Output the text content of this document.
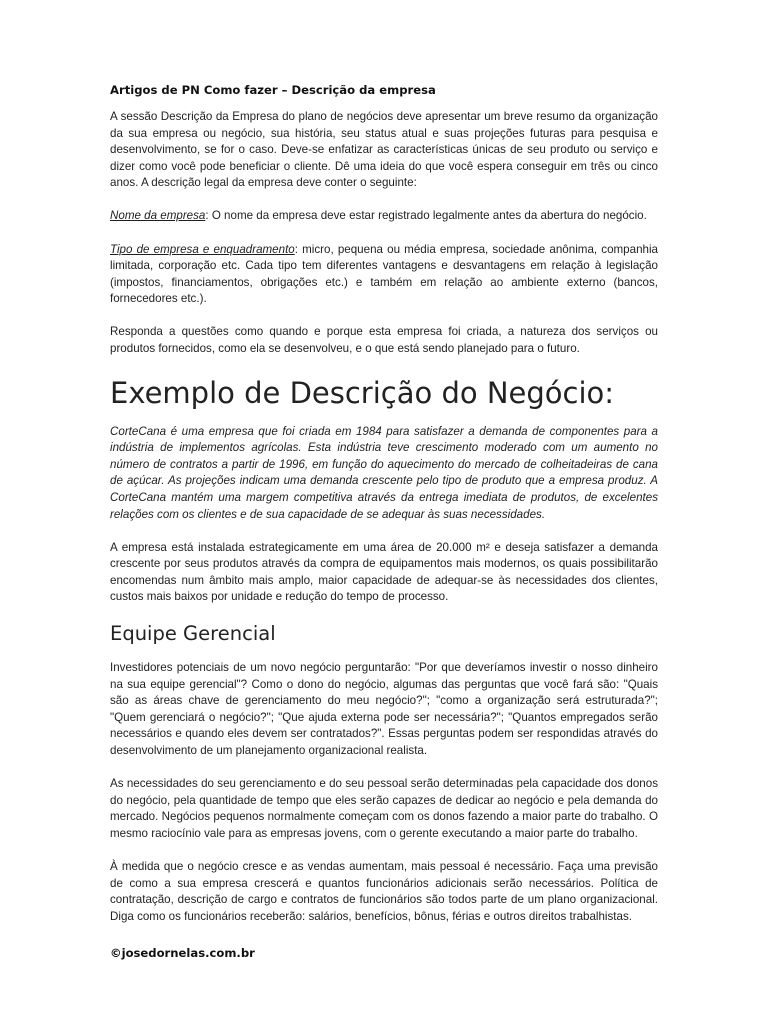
Artigos de PN Como fazer – Descrição da empresa

A sessão Descrição da Empresa do plano de negócios deve apresentar um breve resumo da organização da sua empresa ou negócio, sua história, seu status atual e suas projeções futuras para pesquisa e desenvolvimento, se for o caso. Deve-se enfatizar as características únicas de seu produto ou serviço e dizer como você pode beneficiar o cliente. Dê uma ideia do que você espera conseguir em três ou cinco anos. A descrição legal da empresa deve conter o seguinte:

Nome da empresa: O nome da empresa deve estar registrado legalmente antes da abertura do negócio.

Tipo de empresa e enquadramento: micro, pequena ou média empresa, sociedade anônima, companhia limitada, corporação etc. Cada tipo tem diferentes vantagens e desvantagens em relação à legislação (impostos, financiamentos, obrigações etc.) e também em relação ao ambiente externo (bancos, fornecedores etc.).

Responda a questões como quando e porque esta empresa foi criada, a natureza dos serviços ou produtos fornecidos, como ela se desenvolveu, e o que está sendo planejado para o futuro.

Exemplo de Descrição do Negócio:

CorteCana é uma empresa que foi criada em 1984 para satisfazer a demanda de componentes para a indústria de implementos agrícolas. Esta indústria teve crescimento moderado com um aumento no número de contratos a partir de 1996, em função do aquecimento do mercado de colheitadeiras de cana de açúcar. As projeções indicam uma demanda crescente pelo tipo de produto que a empresa produz. A CorteCana mantém uma margem competitiva através da entrega imediata de produtos, de excelentes relações com os clientes e de sua capacidade de se adequar às suas necessidades.

A empresa está instalada estrategicamente em uma área de 20.000 m² e deseja satisfazer a demanda crescente por seus produtos através da compra de equipamentos mais modernos, os quais possibilitarão encomendas num âmbito mais amplo, maior capacidade de adequar-se às necessidades dos clientes, custos mais baixos por unidade e redução do tempo de processo.

Equipe Gerencial

Investidores potenciais de um novo negócio perguntarão: "Por que deveríamos investir o nosso dinheiro na sua equipe gerencial"? Como o dono do negócio, algumas das perguntas que você fará são: "Quais são as áreas chave de gerenciamento do meu negócio?"; "como a organização será estruturada?"; "Quem gerenciará o negócio?"; "Que ajuda externa pode ser necessária?"; "Quantos empregados serão necessários e quando eles devem ser contratados?". Essas perguntas podem ser respondidas através do desenvolvimento de um planejamento organizacional realista.

As necessidades do seu gerenciamento e do seu pessoal serão determinadas pela capacidade dos donos do negócio, pela quantidade de tempo que eles serão capazes de dedicar ao negócio e pela demanda do mercado. Negócios pequenos normalmente começam com os donos fazendo a maior parte do trabalho. O mesmo raciocínio vale para as empresas jovens, com o gerente executando a maior parte do trabalho.

À medida que o negócio cresce e as vendas aumentam, mais pessoal é necessário. Faça uma previsão de como a sua empresa crescerá e quantos funcionários adicionais serão necessários. Política de contratação, descrição de cargo e contratos de funcionários são todos parte de um plano organizacional. Diga como os funcionários receberão: salários, benefícios, bônus, férias e outros direitos trabalhistas.

©josedornelas.com.br
